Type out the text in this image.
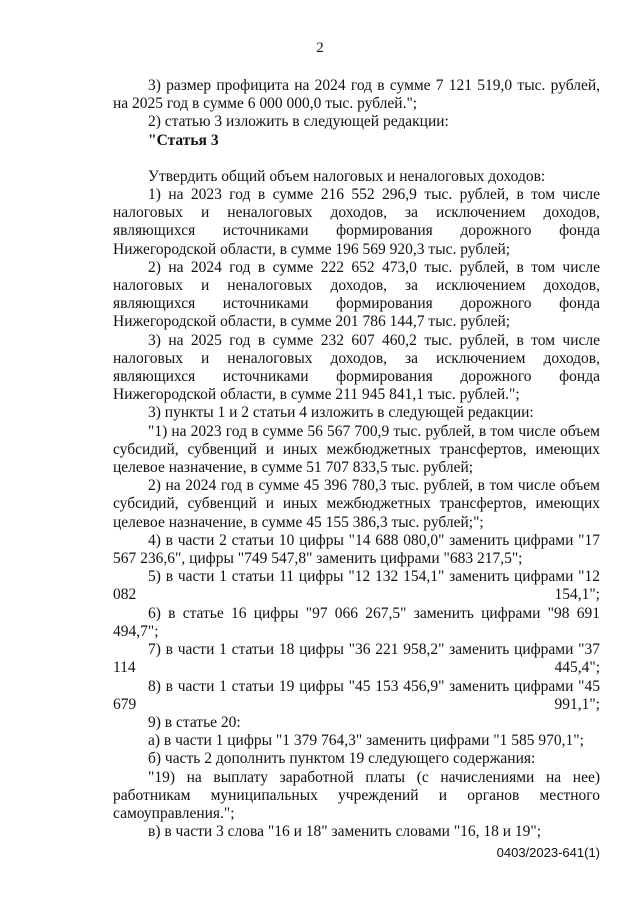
2

3) размер профицита на 2024 год в сумме 7 121 519,0 тыс. рублей, на 2025 год в сумме 6 000 000,0 тыс. рублей.";

2) статью 3 изложить в следующей редакции:

"Статья 3

Утвердить общий объем налоговых и неналоговых доходов:

1) на 2023 год в сумме 216 552 296,9 тыс. рублей, в том числе налоговых и неналоговых доходов, за исключением доходов, являющихся источниками формирования дорожного фонда Нижегородской области, в сумме 196 569 920,3 тыс. рублей;

2) на 2024 год в сумме 222 652 473,0 тыс. рублей, в том числе налоговых и неналоговых доходов, за исключением доходов, являющихся источниками формирования дорожного фонда Нижегородской области, в сумме 201 786 144,7 тыс. рублей;

3) на 2025 год в сумме 232 607 460,2 тыс. рублей, в том числе налоговых и неналоговых доходов, за исключением доходов, являющихся источниками формирования дорожного фонда Нижегородской области, в сумме 211 945 841,1 тыс. рублей.";

3) пункты 1 и 2 статьи 4 изложить в следующей редакции:

"1) на 2023 год в сумме 56 567 700,9 тыс. рублей, в том числе объем субсидий, субвенций и иных межбюджетных трансфертов, имеющих целевое назначение, в сумме 51 707 833,5 тыс. рублей;

2) на 2024 год в сумме 45 396 780,3 тыс. рублей, в том числе объем субсидий, субвенций и иных межбюджетных трансфертов, имеющих целевое назначение, в сумме 45 155 386,3 тыс. рублей;";

4) в части 2 статьи 10 цифры "14 688 080,0" заменить цифрами "17 567 236,6", цифры "749 547,8" заменить цифрами "683 217,5";

5) в части 1 статьи 11 цифры "12 132 154,1" заменить цифрами "12 082 154,1";

6) в статье 16 цифры "97 066 267,5" заменить цифрами "98 691 494,7";

7) в части 1 статьи 18 цифры "36 221 958,2" заменить цифрами "37 114 445,4";

8) в части 1 статьи 19 цифры "45 153 456,9" заменить цифрами "45 679 991,1";

9) в статье 20:

а) в части 1 цифры "1 379 764,3" заменить цифрами "1 585 970,1";

б) часть 2 дополнить пунктом 19 следующего содержания:

"19) на выплату заработной платы (с начислениями на нее) работникам муниципальных учреждений и органов местного самоуправления.";

в) в части 3 слова "16 и 18" заменить словами "16, 18 и 19";

0403/2023-641(1)
